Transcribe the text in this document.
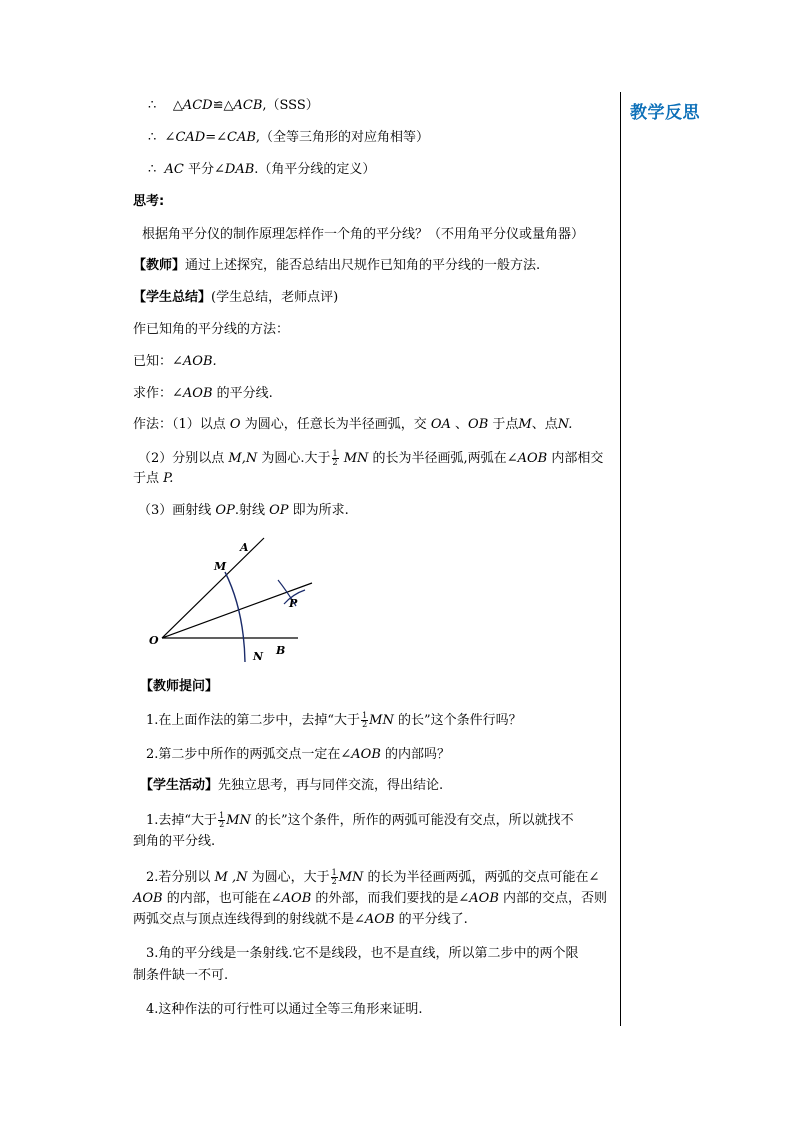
教学反思
∴ △ACD≌△ACB,（SSS）
∴ ∠CAD=∠CAB,（全等三角形的对应角相等）
∴ AC 平分∠DAB.（角平分线的定义）
思考:
根据角平分仪的制作原理怎样作一个角的平分线？（不用角平分仪或量角器）
【教师】通过上述探究，能否总结出尺规作已知角的平分线的一般方法.
【学生总结】(学生总结，老师点评)
作已知角的平分线的方法：
已知：∠AOB.
求作：∠AOB 的平分线.
作法：（1）以点 O 为圆心，任意长为半径画弧，交 OA 、OB 于点M、点N.
（2）分别以点 M,N 为圆心.大于 $\frac{1}{2}$ MN 的长为半径画弧,两弧在∠AOB 内部相交
于点 P.
（3）画射线 OP.射线 OP 即为所求.
A
M
P
O
N B
【教师提问】
1.在上面作法的第二步中，去掉“大于 $\frac{1}{2}$ MN 的长”这个条件行吗？
2.第二步中所作的两弧交点一定在∠AOB 的内部吗？
【学生活动】先独立思考，再与同伴交流，得出结论.
1.去掉“大于 $\frac{1}{2}$ MN 的长”这个条件，所作的两弧可能没有交点，所以就找不
到角的平分线.
2.若分别以 M ,N 为圆心，大于 $\frac{1}{2}$ MN 的长为半径画两弧，两弧的交点可能在∠
AOB 的内部，也可能在∠AOB 的外部，而我们要找的是∠AOB 内部的交点，否则
两弧交点与顶点连线得到的射线就不是∠AOB 的平分线了.
3.角的平分线是一条射线.它不是线段，也不是直线，所以第二步中的两个限
制条件缺一不可.
4.这种作法的可行性可以通过全等三角形来证明.
